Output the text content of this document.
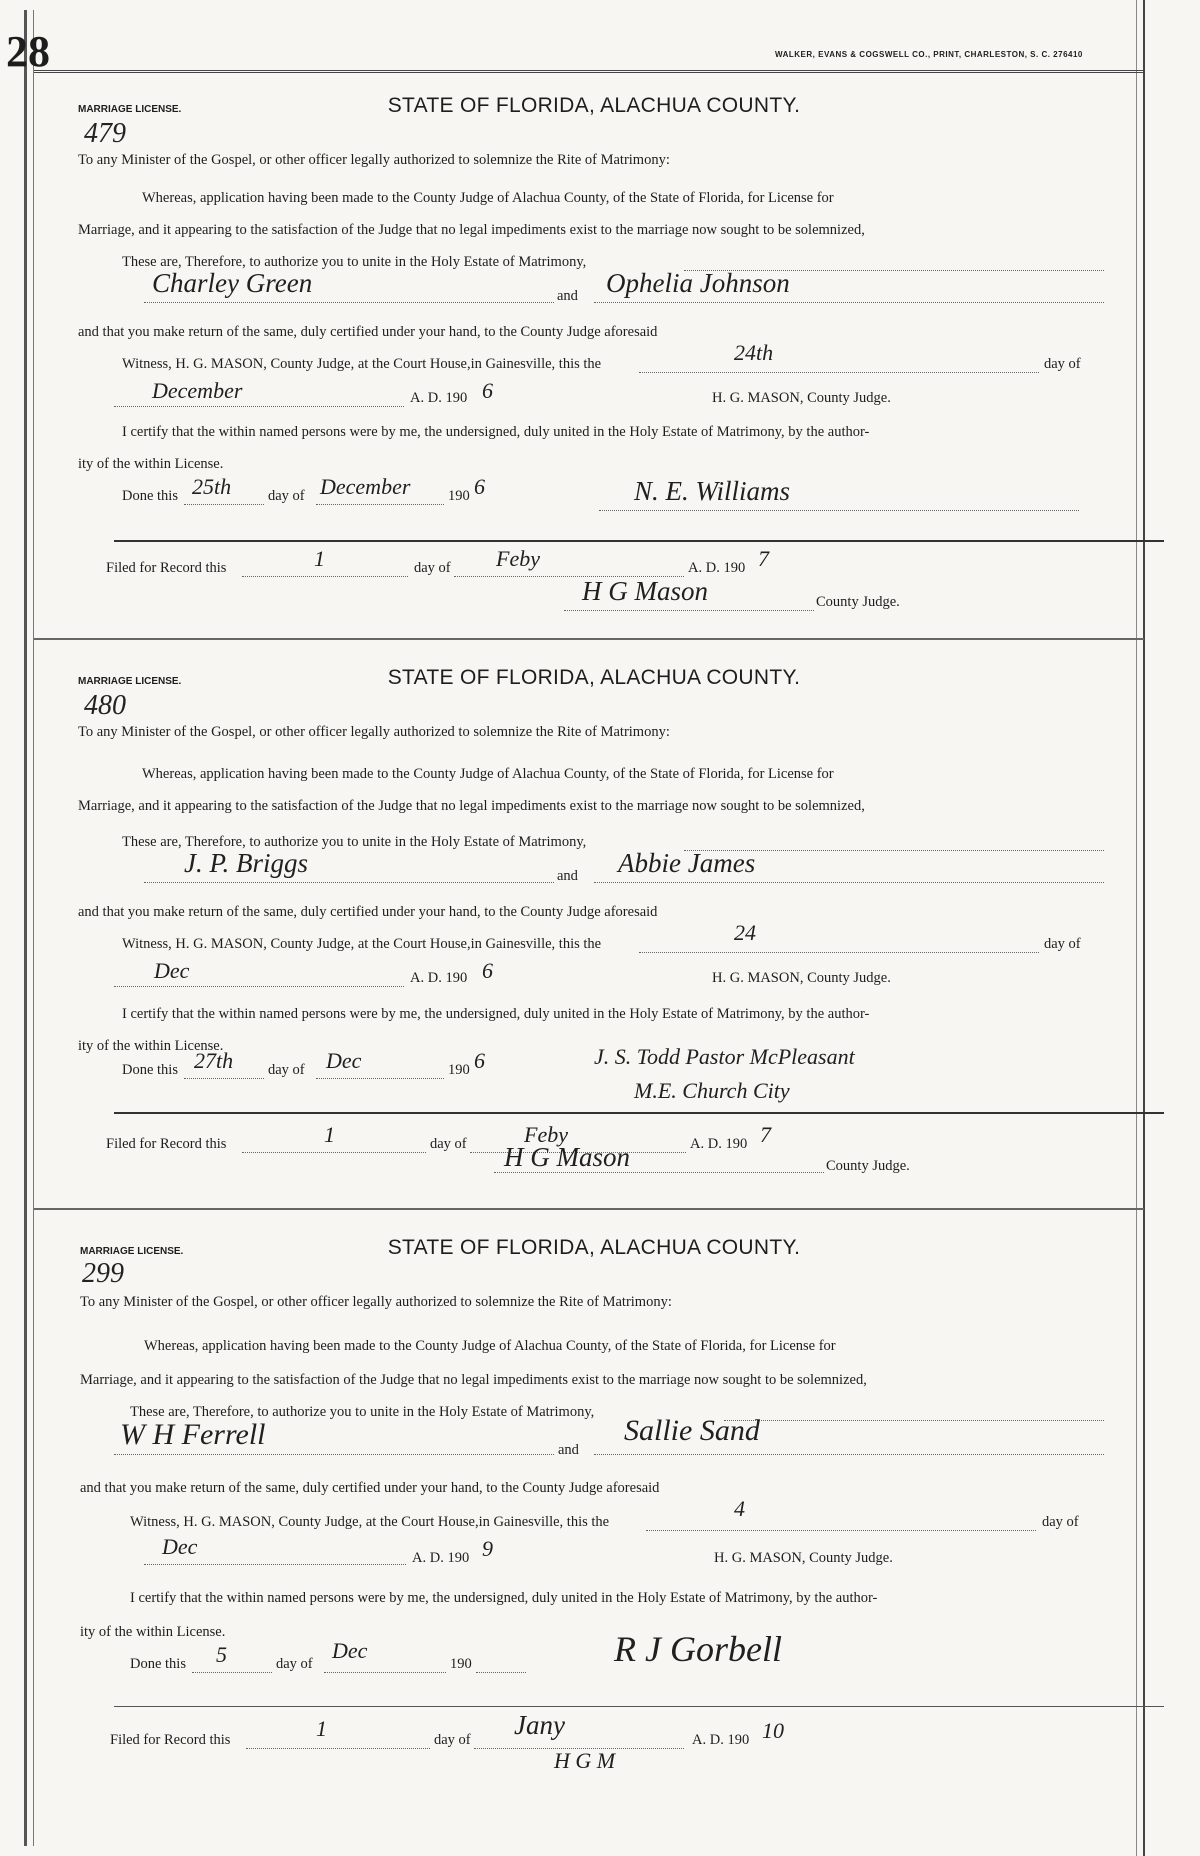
28	WALKER, EVANS & COGSWELL CO., PRINT, CHARLESTON, S. C. 276410
MARRIAGE LICENSE.	STATE OF FLORIDA, ALACHUA COUNTY.
479
To any Minister of the Gospel, or other officer legally authorized to solemnize the Rite of Matrimony:
Whereas, application having been made to the County Judge of Alachua County, of the State of Florida, for License for
Marriage, and it appearing to the satisfaction of the Judge that no legal impediments exist to the marriage now sought to be solemnized,
These are, Therefore, to authorize you to unite in the Holy Estate of Matrimony,
Charley Green	and Ophelia Johnson
and that you make return of the same, duly certified under your hand, to the County Judge aforesaid
Witness, H. G. MASON, County Judge, at the Court House,in Gainesville, this the	24th	day of
December	A. D. 190 6	H. G. MASON, County Judge.
I certify that the within named persons were by me, the undersigned, duly united in the Holy Estate of Matrimony, by the author-
ity of the within License.
Done this 25th	day of December	190 6	N. E. Williams
Filed for Record this	1	day of Feby	A. D. 190 7
H G Mason	County Judge.
MARRIAGE LICENSE.	STATE OF FLORIDA, ALACHUA COUNTY.
480
To any Minister of the Gospel, or other officer legally authorized to solemnize the Rite of Matrimony:
Whereas, application having been made to the County Judge of Alachua County, of the State of Florida, for License for
Marriage, and it appearing to the satisfaction of the Judge that no legal impediments exist to the marriage now sought to be solemnized,
These are, Therefore, to authorize you to unite in the Holy Estate of Matrimony,
J. P. Briggs	and Abbie James
and that you make return of the same, duly certified under your hand, to the County Judge aforesaid
Witness, H. G. MASON, County Judge, at the Court House,in Gainesville, this the	24	day of
Dec	A. D. 190 6	H. G. MASON, County Judge.
I certify that the within named persons were by me, the undersigned, duly united in the Holy Estate of Matrimony, by the author-
ity of the within License.
Done this 27th day of Dec	190 6	J. S. Todd Pastor McPleasant
M.E. Church City
Filed for Record this	1	day of	Feby	A. D. 190 7
H G Mason	County Judge.
MARRIAGE LICENSE.	STATE OF FLORIDA, ALACHUA COUNTY.
299
To any Minister of the Gospel, or other officer legally authorized to solemnize the Rite of Matrimony:
Whereas, application having been made to the County Judge of Alachua County, of the State of Florida, for License for
Marriage, and it appearing to the satisfaction of the Judge that no legal impediments exist to the marriage now sought to be solemnized,
These are, Therefore, to authorize you to unite in the Holy Estate of Matrimony,
W H Ferrell	and
Sallie Sand
and that you make return of the same, duly certified under your hand, to the County Judge aforesaid
Witness, H. G. MASON, County Judge, at the Court House,in Gainesville, this the
4
day of
Dec	A. D. 190 9	H. G. MASON, County Judge.
I certify that the within named persons were by me, the undersigned, duly united in the Holy Estate of Matrimony, by the author-
ity of the within License.
Done this 5	day of
Dec
190	R J Gorbell
Filed for Record this	1	day of Jany	A. D. 190 10
H G M
